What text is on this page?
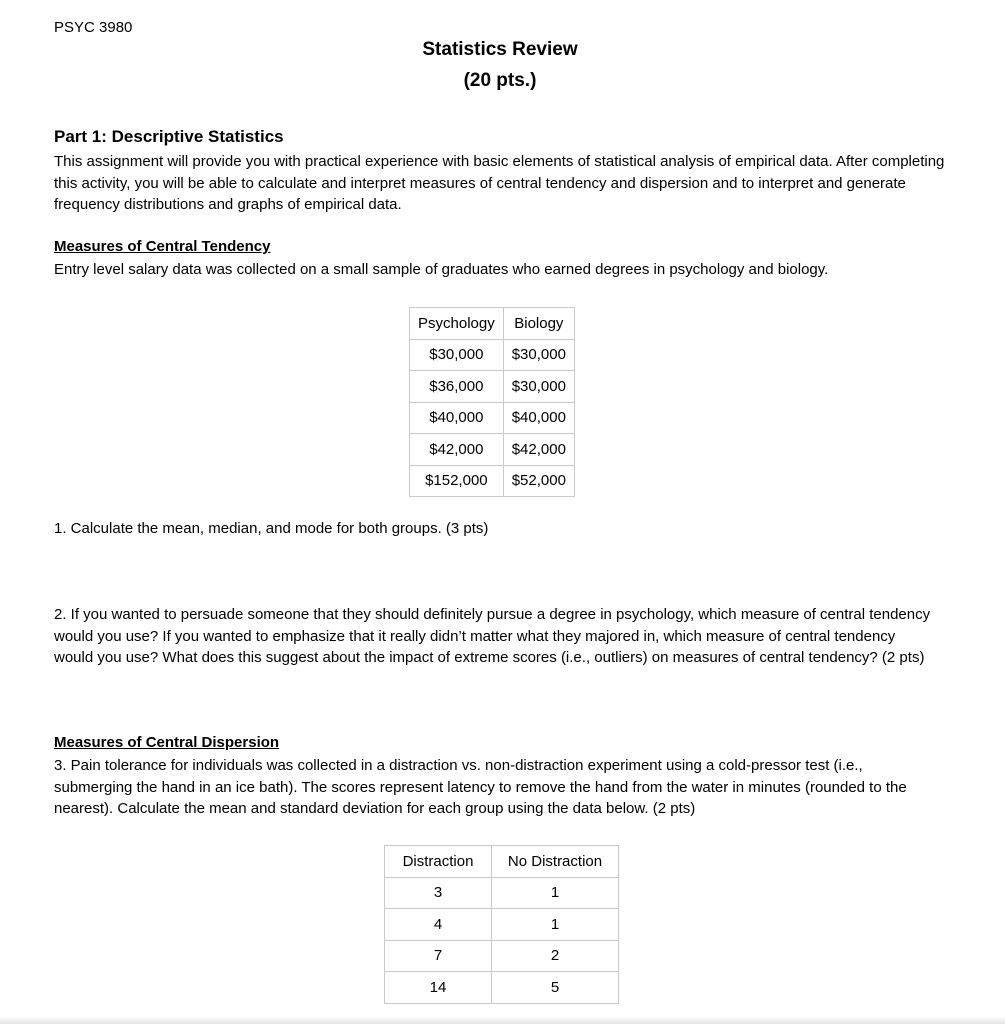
PSYC 3980
Statistics Review
(20 pts.)
Part 1: Descriptive Statistics
This assignment will provide you with practical experience with basic elements of statistical analysis of empirical data. After completing this activity, you will be able to calculate and interpret measures of central tendency and dispersion and to interpret and generate frequency distributions and graphs of empirical data.
Measures of Central Tendency
Entry level salary data was collected on a small sample of graduates who earned degrees in psychology and biology.
Psychology	Biology
$30,000	$30,000
$36,000	$30,000
$40,000	$40,000
$42,000	$42,000
$152,000	$52,000
1. Calculate the mean, median, and mode for both groups. (3 pts)
2. If you wanted to persuade someone that they should definitely pursue a degree in psychology, which measure of central tendency would you use? If you wanted to emphasize that it really didn’t matter what they majored in, which measure of central tendency would you use? What does this suggest about the impact of extreme scores (i.e., outliers) on measures of central tendency? (2 pts)
Measures of Central Dispersion
3. Pain tolerance for individuals was collected in a distraction vs. non-distraction experiment using a cold-pressor test (i.e., submerging the hand in an ice bath). The scores represent latency to remove the hand from the water in minutes (rounded to the nearest). Calculate the mean and standard deviation for each group using the data below. (2 pts)
Distraction	No Distraction
3	1
4	1
7	2
14	5
